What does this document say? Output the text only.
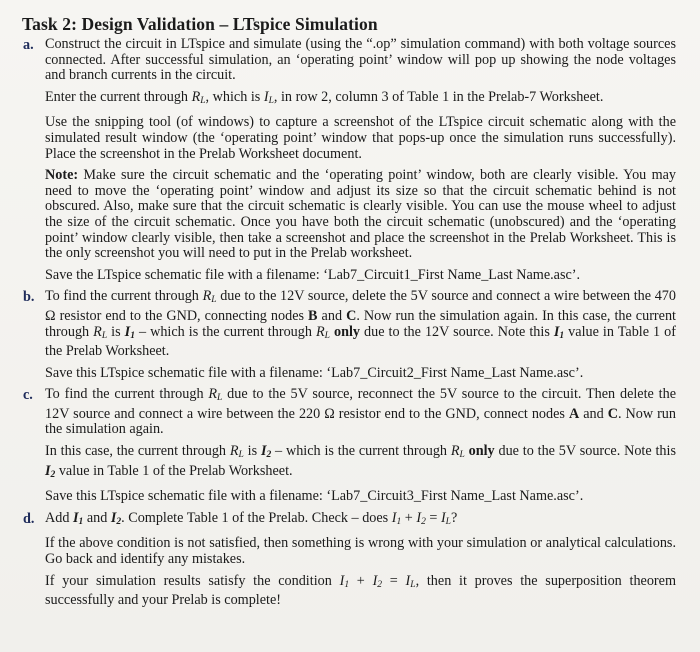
Task 2: Design Validation – LTspice Simulation
a. Construct the circuit in LTspice and simulate (using the “.op” simulation command) with both voltage sources connected. After successful simulation, an ‘operating point’ window will pop up showing the node voltages and branch currents in the circuit.

Enter the current through $R_L$, which is $I_L$, in row 2, column 3 of Table 1 in the Prelab-7 Worksheet.

Use the snipping tool (of windows) to capture a screenshot of the LTspice circuit schematic along with the simulated result window (the ‘operating point’ window that pops-up once the simulation runs successfully). Place the screenshot in the Prelab Worksheet document.

Note: Make sure the circuit schematic and the ‘operating point’ window, both are clearly visible. You may need to move the ‘operating point’ window and adjust its size so that the circuit schematic behind is not obscured. Also, make sure that the circuit schematic is clearly visible. You can use the mouse wheel to adjust the size of the circuit schematic. Once you have both the circuit schematic (unobscured) and the ‘operating point’ window clearly visible, then take a screenshot and place the screenshot in the Prelab Worksheet. This is the only screenshot you will need to put in the Prelab worksheet.

Save the LTspice schematic file with a filename: ‘Lab7_Circuit1_First Name_Last Name.asc’.

b. To find the current through $R_L$ due to the 12V source, delete the 5V source and connect a wire between the 470 Ω resistor end to the GND, connecting nodes B and C. Now run the simulation again. In this case, the current through $R_L$ is $I_1$ – which is the current through $R_L$ only due to the 12V source. Note this $I_1$ value in Table 1 of the Prelab Worksheet.

Save this LTspice schematic file with a filename: ‘Lab7_Circuit2_First Name_Last Name.asc’.

c. To find the current through $R_L$ due to the 5V source, reconnect the 5V source to the circuit. Then delete the 12V source and connect a wire between the 220 Ω resistor end to the GND, connect nodes A and C. Now run the simulation again.

In this case, the current through $R_L$ is $I_2$ – which is the current through $R_L$ only due to the 5V source. Note this $I_2$ value in Table 1 of the Prelab Worksheet.

Save this LTspice schematic file with a filename: ‘Lab7_Circuit3_First Name_Last Name.asc’.

d. Add $I_1$ and $I_2$. Complete Table 1 of the Prelab. Check – does $I_1 + I_2 = I_L$?

If the above condition is not satisfied, then something is wrong with your simulation or analytical calculations. Go back and identify any mistakes.

If your simulation results satisfy the condition $I_1 + I_2 = I_L$, then it proves the superposition theorem successfully and your Prelab is complete!
